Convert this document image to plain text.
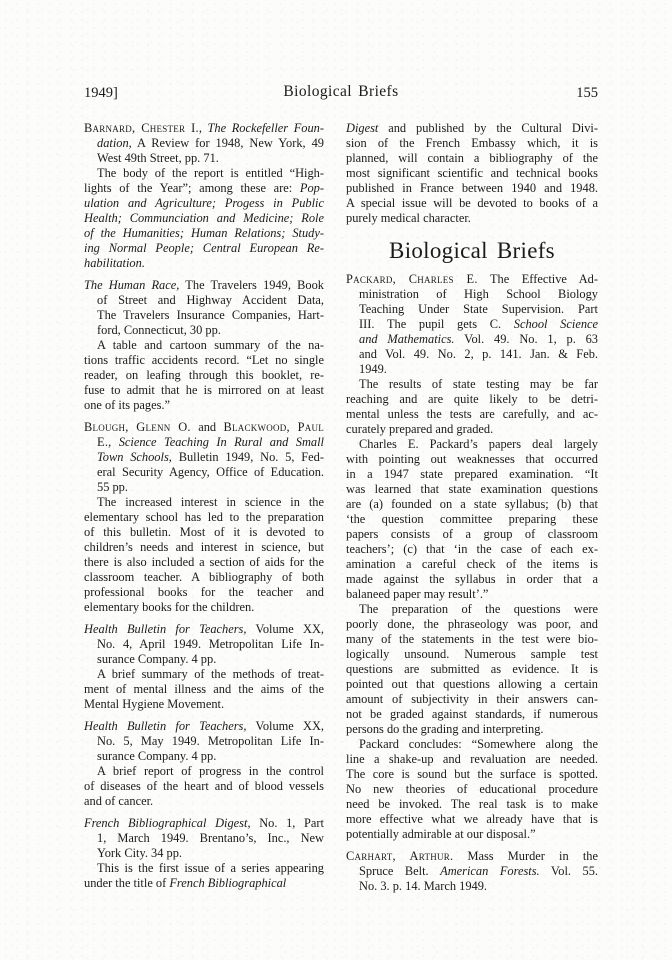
1949]	Biological Briefs	155
Barnard, Chester I., The Rockefeller Foun-
dation, A Review for 1948, New York, 49
West 49th Street, pp. 71.
The body of the report is entitled “High-
lights of the Year”; among these are: Pop-
ulation and Agriculture; Progess in Public
Health; Communciation and Medicine; Role
of the Humanities; Human Relations; Study-
ing Normal People; Central European Re-
habilitation.
The Human Race, The Travelers 1949, Book
of Street and Highway Accident Data,
The Travelers Insurance Companies, Hart-
ford, Connecticut, 30 pp.
A table and cartoon summary of the na-
tions traffic accidents record. “Let no single
reader, on leafing through this booklet, re-
fuse to admit that he is mirrored on at least
one of its pages.”
Blough, Glenn O. and Blackwood, Paul
E., Science Teaching In Rural and Small
Town Schools, Bulletin 1949, No. 5, Fed-
eral Security Agency, Office of Education.
55 pp.
The increased interest in science in the
elementary school has led to the preparation
of this bulletin. Most of it is devoted to
children’s needs and interest in science, but
there is also included a section of aids for the
classroom teacher. A bibliography of both
professional books for the teacher and
elementary books for the children.
Health Bulletin for Teachers, Volume XX,
No. 4, April 1949. Metropolitan Life In-
surance Company. 4 pp.
A brief summary of the methods of treat-
ment of mental illness and the aims of the
Mental Hygiene Movement.
Health Bulletin for Teachers, Volume XX,
No. 5, May 1949. Metropolitan Life In-
surance Company. 4 pp.
A brief report of progress in the control
of diseases of the heart and of blood vessels
and of cancer.
French Bibliographical Digest, No. 1, Part
1, March 1949. Brentano’s, Inc., New
York City. 34 pp.
This is the first issue of a series appearing
under the title of French Bibliographical
Digest and published by the Cultural Divi-
sion of the French Embassy which, it is
planned, will contain a bibliography of the
most significant scientific and technical books
published in France between 1940 and 1948.
A special issue will be devoted to books of a
purely medical character.
Biological Briefs
Packard, Charles E. The Effective Ad-
ministration of High School Biology
Teaching Under State Supervision. Part
III. The pupil gets C. School Science
and Mathematics. Vol. 49. No. 1, p. 63
and Vol. 49. No. 2, p. 141. Jan. & Feb.
1949.
The results of state testing may be far
reaching and are quite likely to be detri-
mental unless the tests are carefully, and ac-
curately prepared and graded.
Charles E. Packard’s papers deal largely
with pointing out weaknesses that occurred
in a 1947 state prepared examination. “It
was learned that state examination questions
are (a) founded on a state syllabus; (b) that
‘the question committee preparing these
papers consists of a group of classroom
teachers’; (c) that ‘in the case of each ex-
amination a careful check of the items is
made against the syllabus in order that a
balaneed paper may result’.”
The preparation of the questions were
poorly done, the phraseology was poor, and
many of the statements in the test were bio-
logically unsound. Numerous sample test
questions are submitted as evidence. It is
pointed out that questions allowing a certain
amount of subjectivity in their answers can-
not be graded against standards, if numerous
persons do the grading and interpreting.
Packard concludes: “Somewhere along the
line a shake-up and revaluation are needed.
The core is sound but the surface is spotted.
No new theories of educational procedure
need be invoked. The real task is to make
more effective what we already have that is
potentially admirable at our disposal.”
Carhart, Arthur. Mass Murder in the
Spruce Belt. American Forests. Vol. 55.
No. 3. p. 14. March 1949.
